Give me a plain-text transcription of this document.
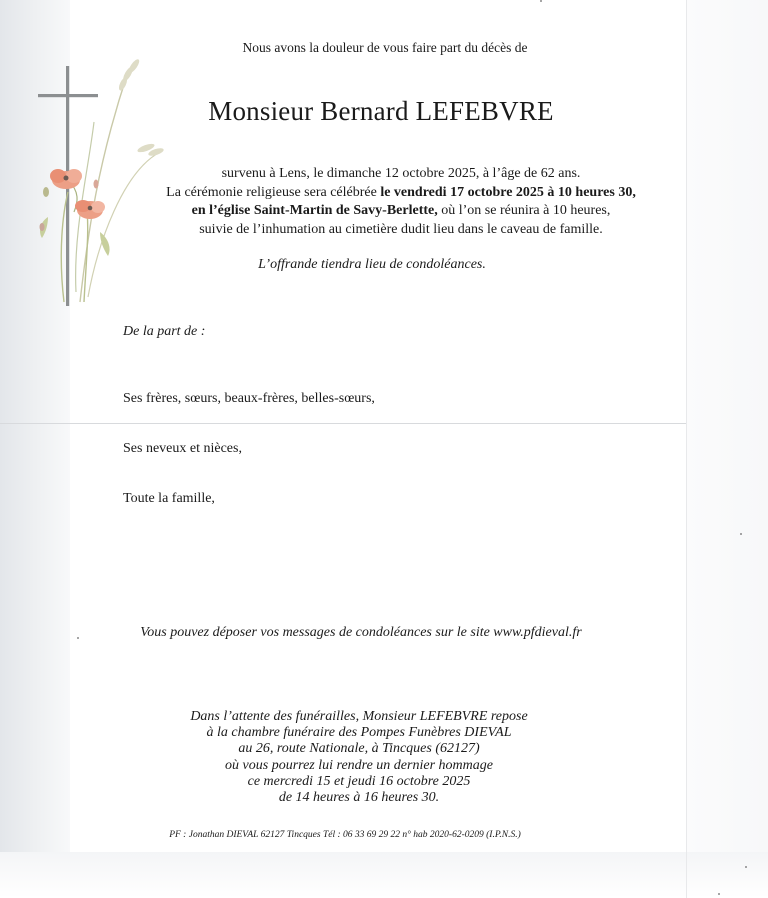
Nous avons la douleur de vous faire part du décès de
Monsieur Bernard LEFEBVRE
survenu à Lens, le dimanche 12 octobre 2025, à l’âge de 62 ans.
La cérémonie religieuse sera célébrée le vendredi 17 octobre 2025 à 10 heures 30,
en l’église Saint-Martin de Savy-Berlette, où l’on se réunira à 10 heures,
suivie de l’inhumation au cimetière dudit lieu dans le caveau de famille.
L’offrande tiendra lieu de condoléances.
De la part de :
Ses frères, sœurs, beaux-frères, belles-sœurs,
Ses neveux et nièces,
Toute la famille,
Vous pouvez déposer vos messages de condoléances sur le site www.pfdieval.fr
Dans l’attente des funérailles, Monsieur LEFEBVRE repose
à la chambre funéraire des Pompes Funèbres DIEVAL
au 26, route Nationale, à Tincques (62127)
où vous pourrez lui rendre un dernier hommage
ce mercredi 15 et jeudi 16 octobre 2025
de 14 heures à 16 heures 30.
PF : Jonathan DIEVAL 62127 Tincques Tél : 06 33 69 29 22 n° hab 2020-62-0209 (I.P.N.S.)
